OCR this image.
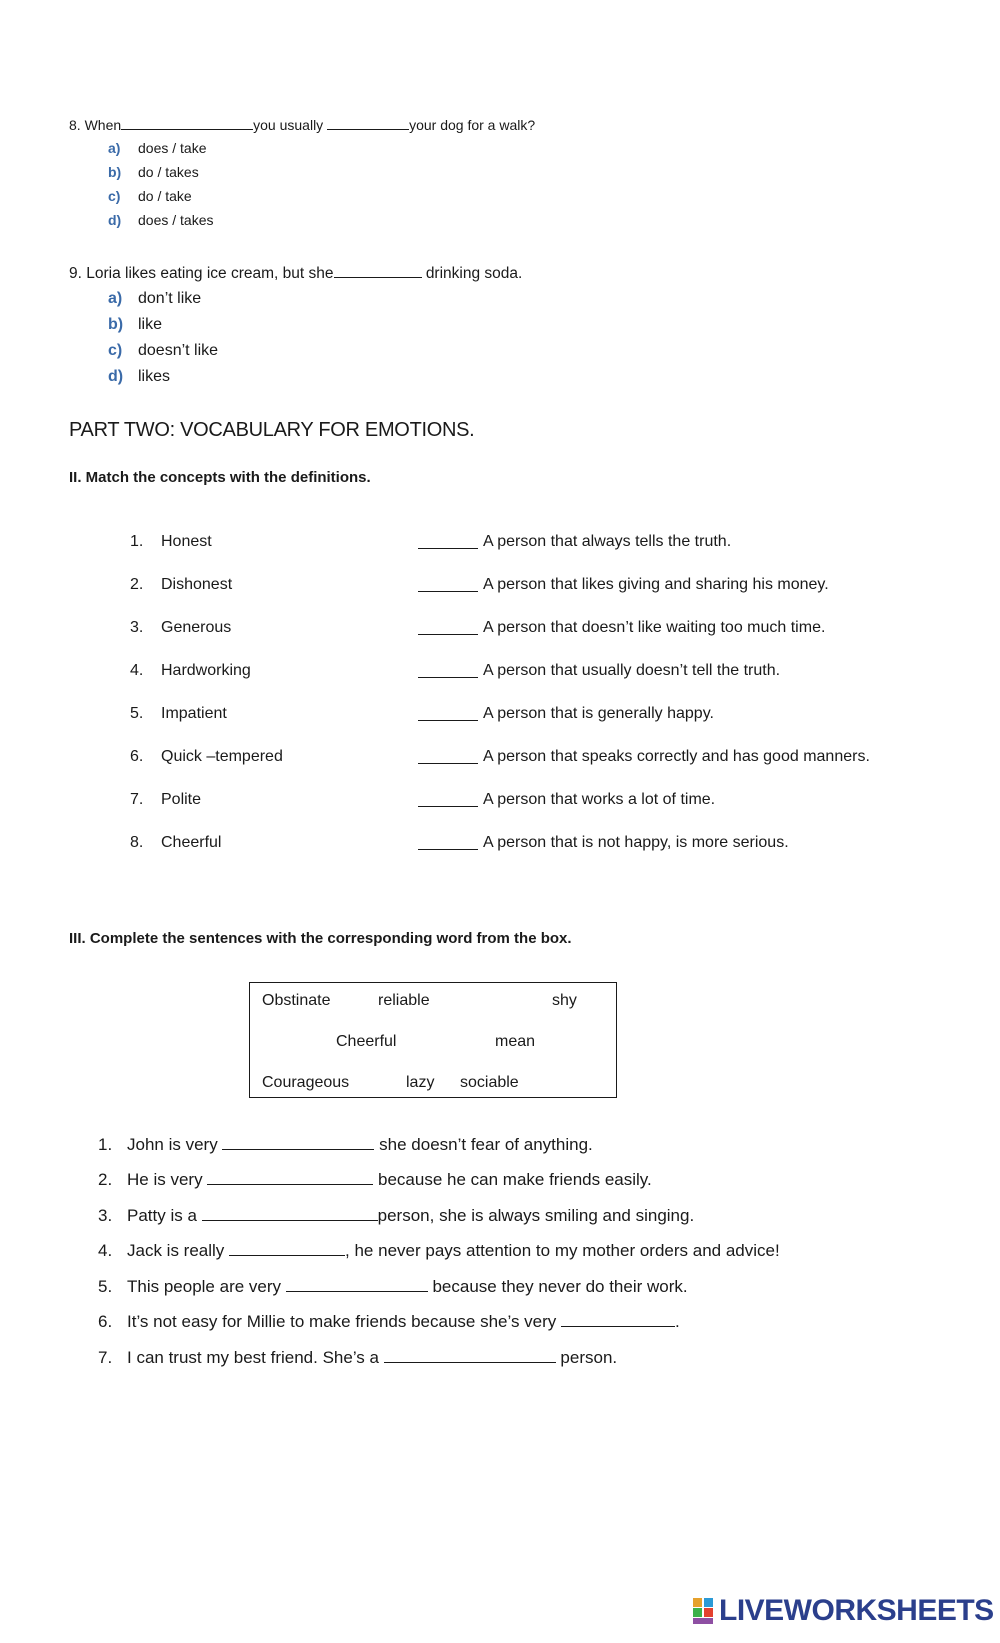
8. When	you usually	your dog for a walk?
a) does / take
b) do / takes
c) do / take
d) does / takes
9. Loria likes eating ice cream, but she	drinking soda.
a) don’t like
b) like
c) doesn’t like
d) likes
PART TWO: VOCABULARY FOR EMOTIONS.
II. Match the concepts with the definitions.
1.	Honest	A person that always tells the truth.
2.	Dishonest	A person that likes giving and sharing his money.
3.	Generous	A person that doesn’t like waiting too much time.
4.	Hardworking	A person that usually doesn’t tell the truth.
5.	Impatient	A person that is generally happy.
6.	Quick –tempered	A person that speaks correctly and has good manners.
7.	Polite	A person that works a lot of time.
8.	Cheerful	A person that is not happy, is more serious.
III. Complete the sentences with the corresponding word from the box.
Obstinate	reliable	shy
Cheerful	mean
Courageous	lazy sociable
1. John is very	she doesn’t fear of anything.
2. He is very	because he can make friends easily.
3. Patty is a	person, she is always smiling and singing.
4. Jack is really	, he never pays attention to my mother orders and advice!
5. This people are very	because they never do their work.
6. It’s not easy for Millie to make friends because she’s very	.
7. I can trust my best friend. She’s a	person.
LIVEWORKSHEETS
